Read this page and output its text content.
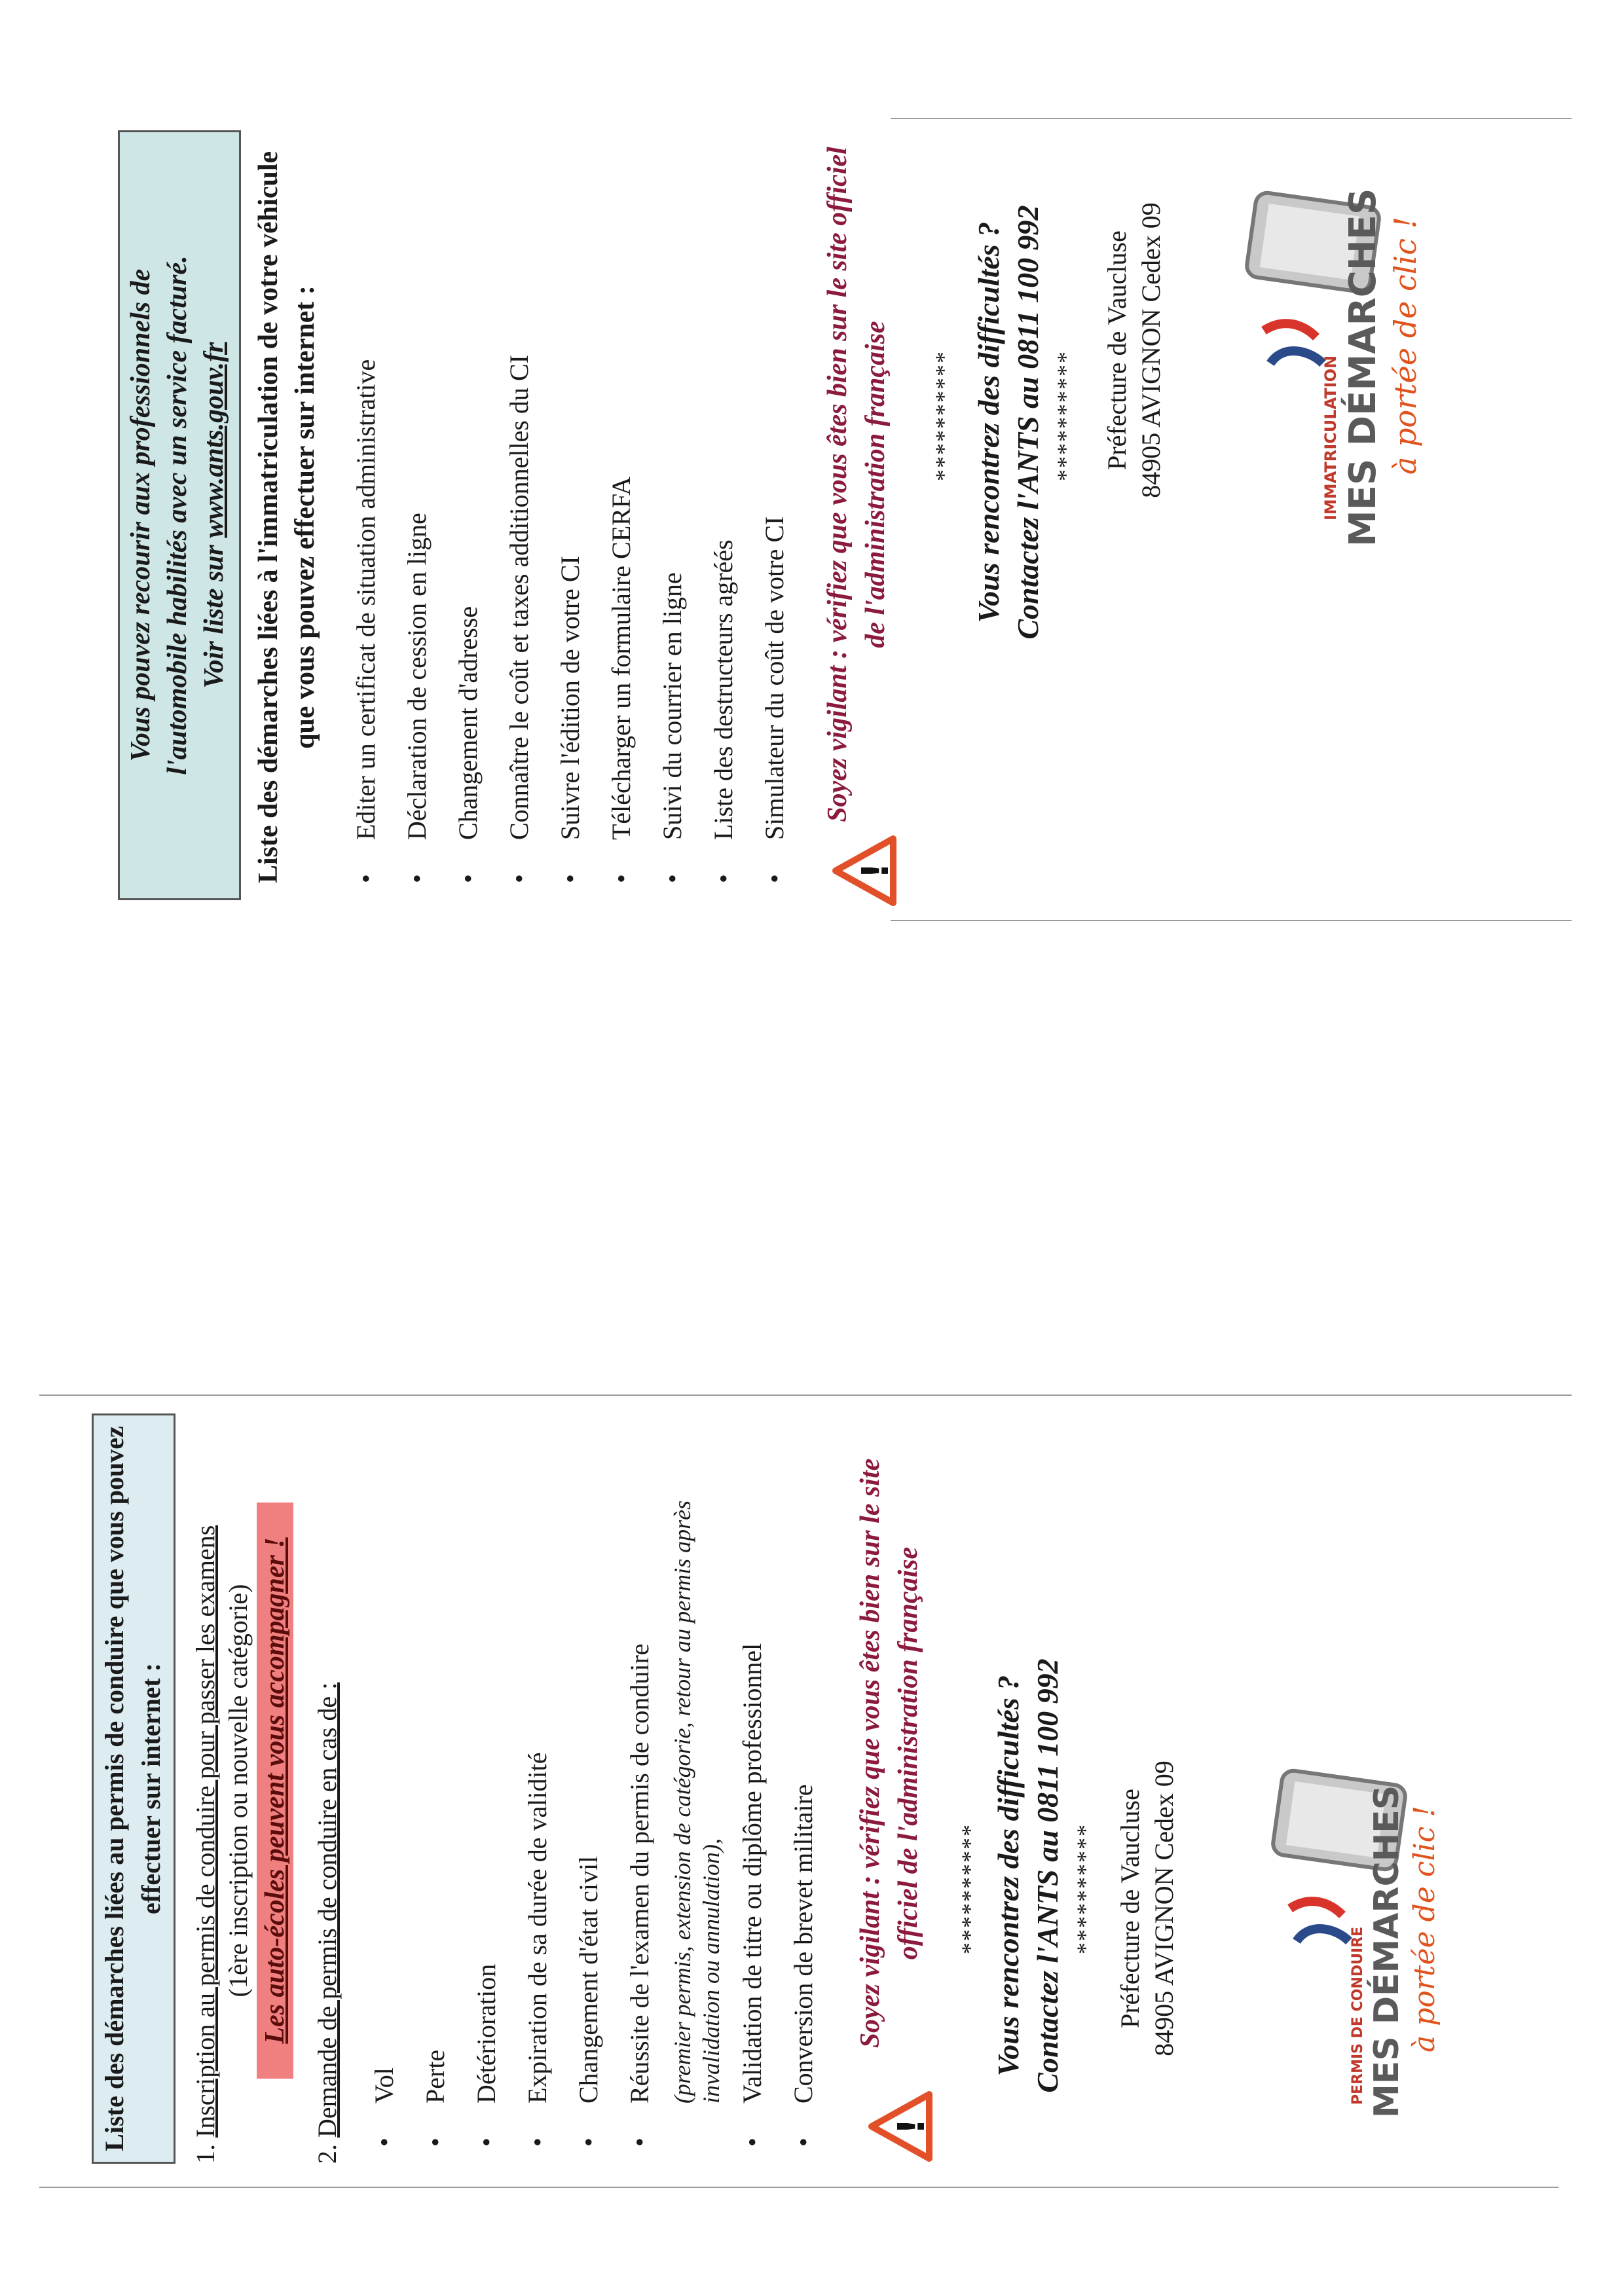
Liste des démarches liées au permis de conduire que vous pouvez effectuer sur internet :
1. Inscription au permis de conduire pour passer les examens (1ère inscription ou nouvelle catégorie) Les auto-écoles peuvent vous accompagner !
2. Demande de permis de conduire en cas de :	• Vol • Perte • Détérioration • Expiration de sa durée de validité • Changement d'état civil • Réussite de l'examen du permis de conduire (premier permis, extension de catégorie, retour au permis après invalidation ou annulation), • Validation de titre ou diplôme professionnel • Conversion de brevet militaire
!
Soyez vigilant : vérifiez que vous êtes bien sur le site officiel de l'administration française ********** Vous rencontrez des difficultés ? Contactez l'ANTS au 0811 100 992 ********** Préfecture de Vaucluse 84905 AVIGNON Cedex 09	PERMIS DE CONDUIRE MES DÉMARCHES à portée de clic !
Vous pouvez recourir aux professionnels de l'automobile habilités avec un service facturé. Voir liste sur www.ants.gouv.fr Liste des démarches liées à l'immatriculation de votre véhicule que vous pouvez effectuer sur internet :	• Editer un certificat de situation administrative • Déclaration de cession en ligne • Changement d'adresse • Connaître le coût et taxes additionnelles du CI • Suivre l'édition de votre CI • Télécharger un formulaire CERFA • Suivi du courrier en ligne • Liste des destructeurs agréés • Simulateur du coût de votre CI
!
Soyez vigilant : vérifiez que vous êtes bien sur le site officiel de l'administration française ********** Vous rencontrez des difficultés ? Contactez l'ANTS au 0811 100 992 ********** Préfecture de Vaucluse 84905 AVIGNON Cedex 09	IMMATRICULATION MES DÉMARCHES à portée de clic !
